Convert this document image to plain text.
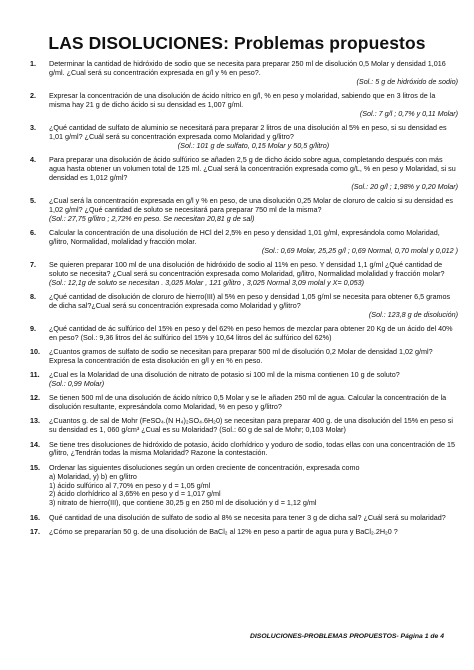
LAS DISOLUCIONES: Problemas propuestos
1.	Determinar la cantidad de hidróxido de sodio que se necesita para preparar 250 ml de disolución 0,5 Molar y densidad 1,016 g/ml. ¿Cual será su concentración expresada en g/l y % en peso?.
(Sol.: 5 g de hidróxido de sodio)
2.	Expresar la concentración de una disolución de ácido nítrico en g/l, % en peso y molaridad, sabiendo que en 3 litros de la misma hay 21 g de dicho ácido si su densidad es 1,007 g/ml.
(Sol.: 7 g/l ; 0,7% y 0,11 Molar)
3.	¿Qué cantidad de sulfato de aluminio se necesitará para preparar 2 litros de una disolución al 5% en peso, si su densidad es 1,01 g/ml? ¿Cuál será su concentración expresada como Molaridad y g/litro?
(Sol.: 101 g de sulfato, 0,15 Molar y 50,5 g/litro)
4.	Para preparar una disolución de ácido sulfúrico se añaden 2,5 g de dicho ácido sobre agua, completando después con más agua hasta obtener un volumen total de 125 ml. ¿Cual será la concentración expresada como g/L, % en peso y Molaridad, si su densidad es 1,012 g/ml?
(Sol.: 20 g/l ; 1,98% y 0,20 Molar)
5.	¿Cual será la concentración expresada en g/l y % en peso, de una disolución 0,25 Molar de cloruro de calcio si su densidad es 1,02 g/ml? ¿Qué cantidad de soluto se necesitará para preparar 750 ml de la misma?
(Sol.: 27,75 g/litro ; 2,72% en peso. Se necesitan 20,81 g de sal)
6.	Calcular la concentración de una disolución de HCl del 2,5% en peso y densidad 1,01 g/ml, expresándola como Molaridad, g/litro, Normalidad, molalidad y fracción molar.
(Sol.: 0,69 Molar, 25,25 g/l ; 0,69 Normal, 0,70 molal y 0,012 )
7.	Se quieren preparar 100 ml de una disolución de hidróxido de sodio al 11% en peso. Y densidad 1,1 g/ml ¿Qué cantidad de soluto se necesita? ¿Cual será su concentración expresada como Molaridad, g/litro, Normalidad molalidad y fracción molar?
(Sol.: 12,1g de soluto se necesitan . 3,025 Molar , 121 g/litro , 3,025 Normal 3,09 molal y X= 0,053)
8.	¿Qué cantidad de disolución de cloruro de hierro(III) al 5% en peso y densidad 1,05 g/ml se necesita para obtener 6,5 gramos de dicha sal?¿Cual será su concentración expresada como Molaridad y g/litro?
(Sol.: 123,8 g de disolución)
9.	¿Qué cantidad de ác sulfúrico del 15% en peso y del 62% en peso hemos de mezclar para obtener 20 Kg de un ácido del 40% en peso? (Sol.: 9,36 litros del ác sulfúrico del 15% y 10,64 litros del ác sulfúrico del 62%)
10.	¿Cuantos gramos de sulfato de sodio se necesitan para preparar 500 ml de disolución 0,2 Molar de densidad 1,02 g/ml? Expresa la concentración de esta disolución en g/l y en % en peso.
11.	¿Cual es la Molaridad de una disolución de nitrato de potasio si 100 ml de la misma contienen 10 g de soluto?
(Sol.: 0,99 Molar)
12.	Se tienen 500 ml de una disolución de ácido nítrico 0,5 Molar y se le añaden 250 ml de agua. Calcular la concentración de la disolución resultante, expresándola como Molaridad, % en peso y g/litro?
13.	¿Cuantos g. de sal de Mohr (FeSO₄.(N H₄)₂SO₄.6H₂0) se necesitan para preparar 400 g. de una disolución del 15% en peso si su densidad es 1, 060 g/cm³ ¿Cual es su Molaridad? (Sol.: 60 g de sal de Mohr; 0,103 Molar)
14.	Se tiene tres disoluciones de hidróxido de potasio, ácido clorhídrico y yoduro de sodio, todas ellas con una concentración de 15 g/litro, ¿Tendrán todas la misma Molaridad? Razone la contestación.
15.	Ordenar las siguientes disoluciones según un orden creciente de concentración, expresada como
a) Molaridad, y) b) en g/litro
1) ácido sulfúrico al 7,70% en peso y d = 1,05 g/ml
2) ácido clorhídrico al 3,65% en peso y d = 1,017 g/ml
3) nitrato de hierro(III), que contiene 30,25 g en 250 ml de disolución y d = 1,12 g/ml
16.	Qué cantidad de una disolución de sulfato de sodio al 8% se necesita para tener 3 g de dicha sal? ¿Cuál será su molaridad?
17.	¿Cómo se prepararían 50 g. de una disolución de BaCl₂ al 12% en peso a partir de agua pura y BaCl₂.2H₂0 ?
DISOLUCIONES-PROBLEMAS PROPUESTOS- Página 1 de 4
